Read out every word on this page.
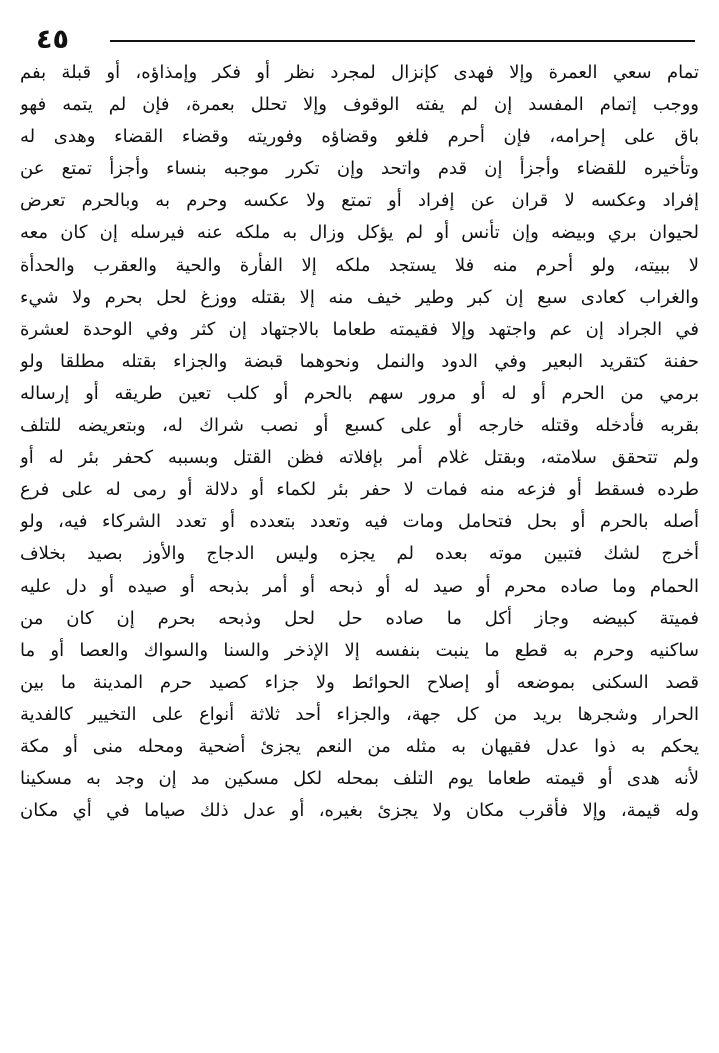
٤٥
تمام سعي العمرة وإلا فهدى كإنزال لمجرد نظر أو فكر وإمذاؤه، أو قبلة بفم
ووجب إتمام المفسد إن لم يفته الوقوف وإلا تحلل بعمرة، فإن لم يتمه فهو
باق على إحرامه، فإن أحرم فلغو وقضاؤه وفوريته وقضاء القضاء وهدى له
وتأخيره للقضاء وأجزأ إن قدم واتحد وإن تكرر موجبه بنساء وأجزأ تمتع عن
إفراد وعكسه لا قران عن إفراد أو تمتع ولا عكسه وحرم به وبالحرم تعرض
لحيوان بري وبيضه وإن تأنس أو لم يؤكل وزال به ملكه عنه فيرسله إن كان معه
لا ببيته، ولو أحرم منه فلا يستجد ملكه إلا الفأرة والحية والعقرب والحدأة
والغراب كعادى سبع إن كبر وطير خيف منه إلا بقتله ووزغ لحل بحرم ولا شيء
في الجراد إن عم واجتهد وإلا فقيمته طعاما بالاجتهاد إن كثر وفي الوحدة لعشرة
حفنة كتقريد البعير وفي الدود والنمل ونحوهما قبضة والجزاء بقتله مطلقا ولو
برمي من الحرم أو له أو مرور سهم بالحرم أو كلب تعين طريقه أو إرساله
بقربه فأدخله وقتله خارجه أو على كسبع أو نصب شراك له، وبتعريضه للتلف
ولم تتحقق سلامته، وبقتل غلام أمر بإفلاته فظن القتل وبسببه كحفر بئر له أو
طرده فسقط أو فزعه منه فمات لا حفر بئر لكماء أو دلالة أو رمى له على فرع
أصله بالحرم أو بحل فتحامل ومات فيه وتعدد بتعدده أو تعدد الشركاء فيه، ولو
أخرج لشك فتبين موته بعده لم يجزه وليس الدجاج والأوز بصيد بخلاف
الحمام وما صاده محرم أو صيد له أو ذبحه أو أمر بذبحه أو صيده أو دل عليه
فميتة كبيضه وجاز أكل ما صاده حل لحل وذبحه بحرم إن كان من
ساكنيه وحرم به قطع ما ينبت بنفسه إلا الإذخر والسنا والسواك والعصا أو ما
قصد السكنى بموضعه أو إصلاح الحوائط ولا جزاء كصيد حرم المدينة ما بين
الحرار وشجرها بريد من كل جهة، والجزاء أحد ثلاثة أنواع على التخيير كالفدية
يحكم به ذوا عدل فقيهان به مثله من النعم يجزئ أضحية ومحله منى أو مكة
لأنه هدى أو قيمته طعاما يوم التلف بمحله لكل مسكين مد إن وجد به مسكينا
وله قيمة، وإلا فأقرب مكان ولا يجزئ بغيره، أو عدل ذلك صياما في أي مكان
